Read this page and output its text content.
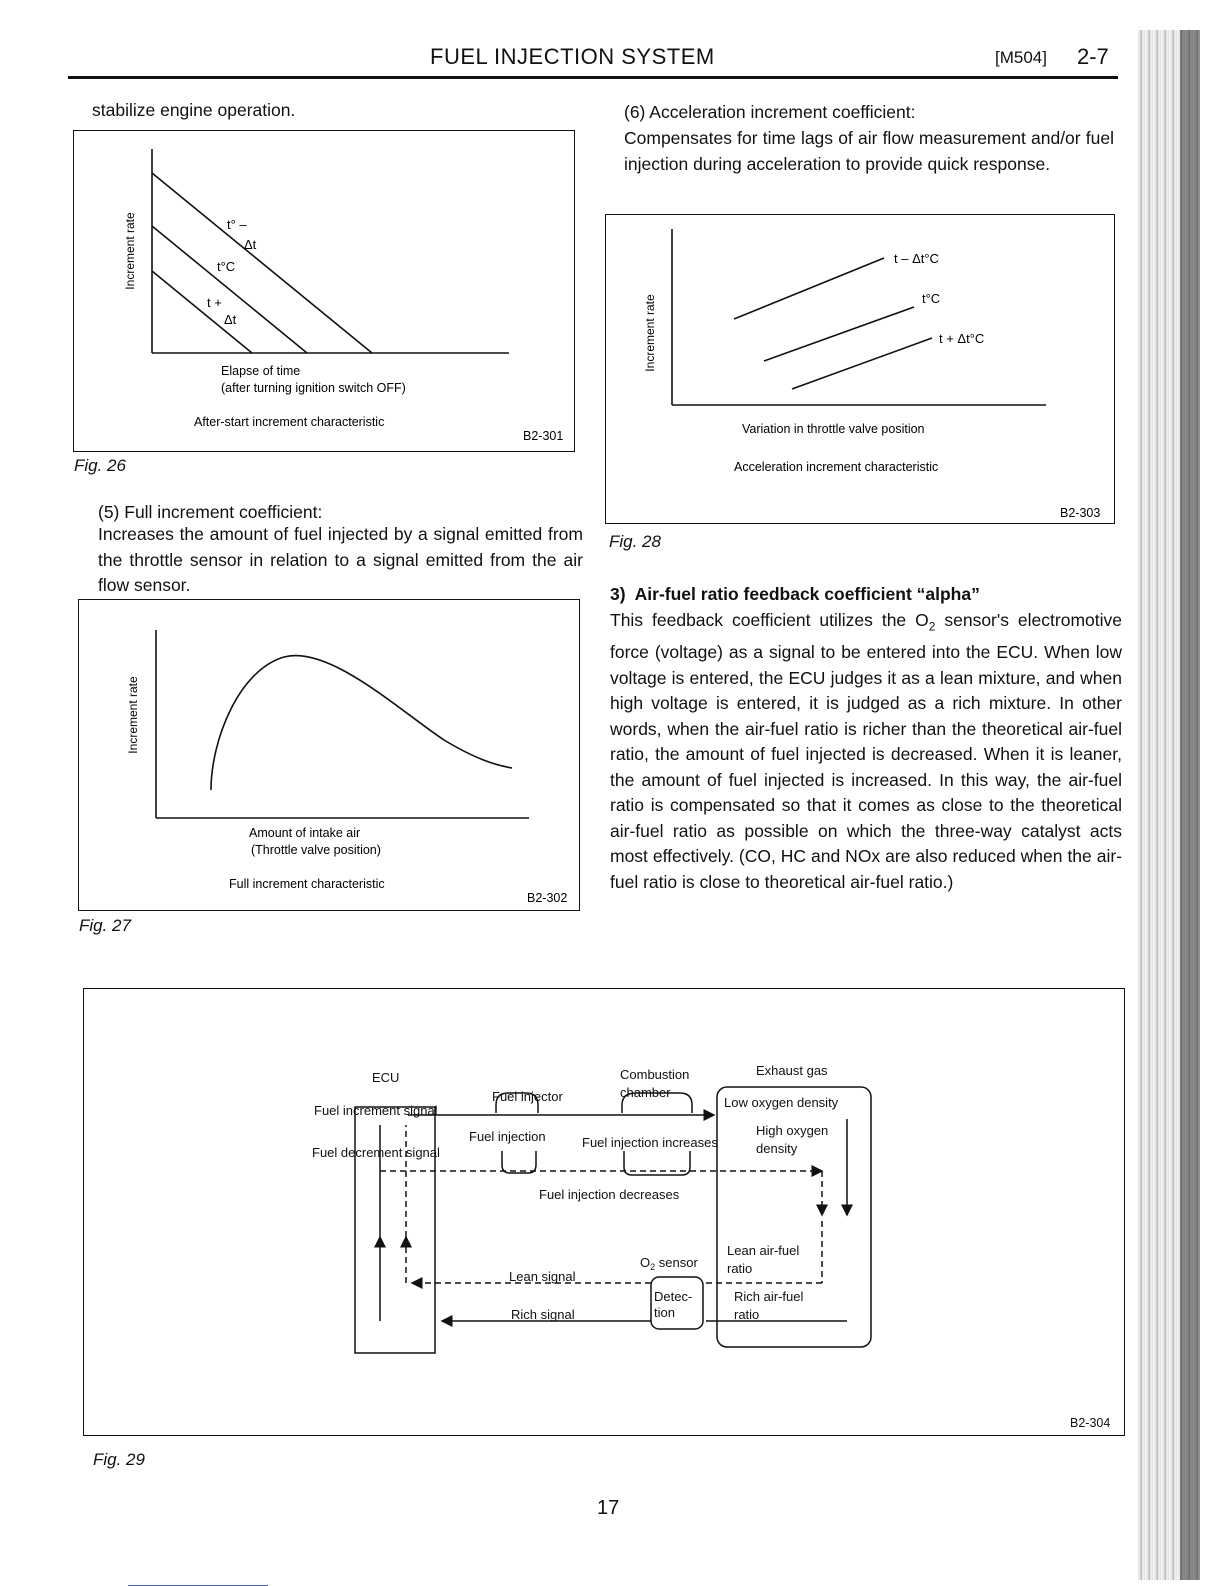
FUEL INJECTION SYSTEM	[M504] 2-7
stabilize engine operation.
Increment rate	t° –
Δt
t°C
t +
Δt
Elapse of time
(after turning ignition switch OFF)
After-start increment characteristic
B2-301
Fig. 26
(5) Full increment coefficient:
Increases the amount of fuel injected by a signal emitted from the throttle sensor in relation to a signal emitted from the air flow sensor.
Increment rate
Amount of intake air
(Throttle valve position)
Full increment characteristic
B2-302
Fig. 27
(6) Acceleration increment coefficient:
Compensates for time lags of air flow measurement and/or fuel injection during acceleration to provide quick response.
Increment rate
t – Δt°C
t°C
t + Δt°C
Variation in throttle valve position
Acceleration increment characteristic
B2-303
Fig. 28
3) Air-fuel ratio feedback coefficient “alpha”
This feedback coefficient utilizes the $O_2$ sensor's electromotive force (voltage) as a signal to be entered into the ECU. When low voltage is entered, the ECU judges it as a lean mixture, and when high voltage is entered, it is judged as a rich mixture. In other words, when the air-fuel ratio is richer than the theoretical air-fuel ratio, the amount of fuel injected is decreased. When it is leaner, the amount of fuel injected is increased. In this way, the air-fuel ratio is compensated so that it comes as close to the theoretical air-fuel ratio as possible on which the three-way catalyst acts most effectively. (CO, HC and NOx are also reduced when the air-fuel ratio is close to theoretical air-fuel ratio.)
ECU
Fuel increment signal
Fuel decrement signal
Fuel injector
Fuel injection
Combustion
chamber
Fuel injection increases
Fuel injection decreases
Exhaust gas
Low oxygen density
High oxygen
density
Lean signal
Rich signal
$O_2$ sensor
Detec-
tion
Lean air-fuel
ratio
Rich air-fuel
ratio
B2-304
Fig. 29
17
